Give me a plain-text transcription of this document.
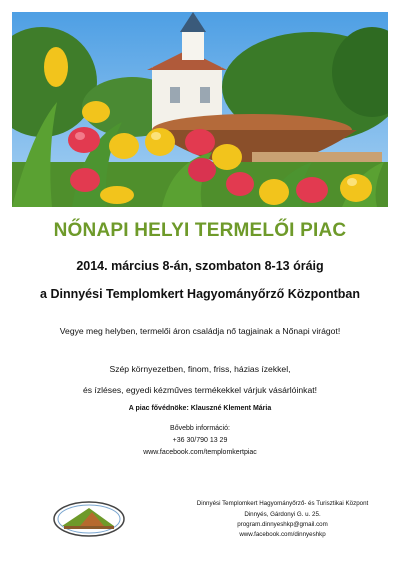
NŐNAPI HELYI TERMELŐI PIAC
2014. március 8-án, szombaton 8-13 óráig
a Dinnyési Templomkert Hagyományőrző Központban
Vegye meg helyben, termelői áron családja nő tagjainak a Nőnapi virágot!
Szép környezetben, finom, friss, házias ízekkel,
és ízléses, egyedi kézműves termékekkel várjuk vásárlóinkat!
A piac fővédnöke: Klauszné Klement Mária
Bővebb információ:
+36 30/790 13 29
www.facebook.com/templomkertpiac
Dinnyési Templomkert Hagyományőrző- és Turisztikai Központ
Dinnyés, Gárdonyi G. u. 25.
program.dinnyeshkp@gmail.com
www.facebook.com/dinnyeshkp
